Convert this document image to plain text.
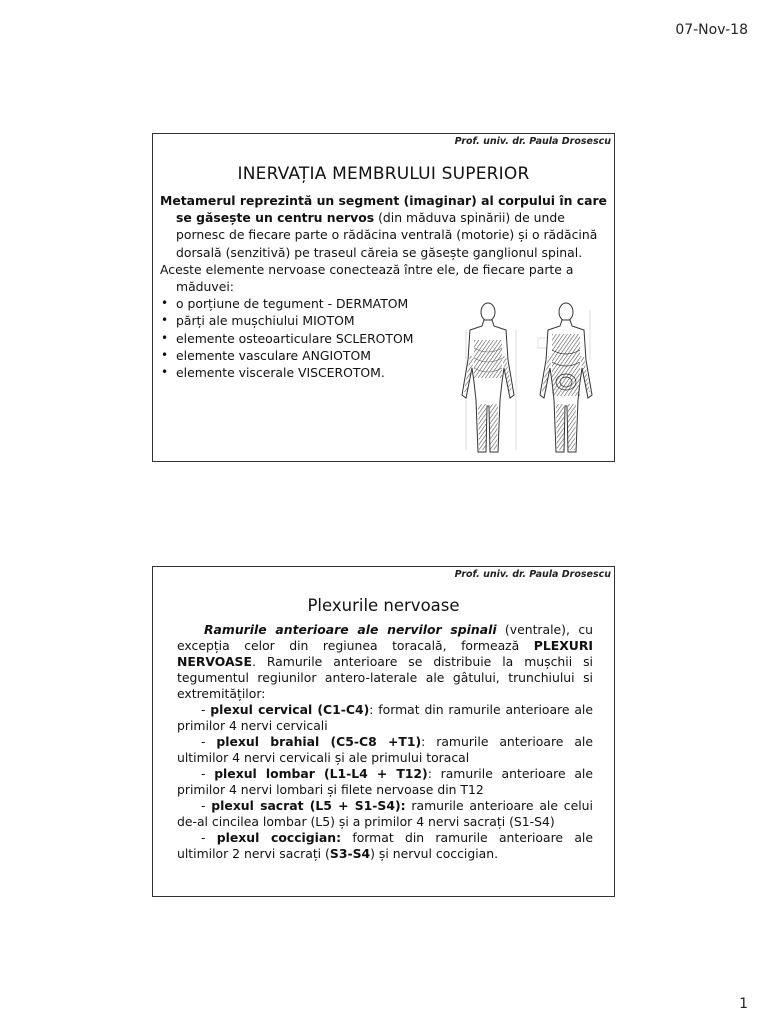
07-Nov-18
Prof. univ. dr. Paula Drosescu
INERVAȚIA MEMBRULUI SUPERIOR

Metamerul reprezintă un segment (imaginar) al corpului în care se găsește un centru nervos (din măduva spinării) de unde pornesc de fiecare parte o rădăcina ventrală (motorie) și o rădăcină dorsală (senzitivă) pe traseul căreia se găsește ganglionul spinal.

Aceste elemente nervoase conectează între ele, de fiecare parte a măduvei:

• o porțiune de tegument - DERMATOM
• părți ale mușchiului MIOTOM
• elemente osteoarticulare SCLEROTOM
• elemente vasculare ANGIOTOM
• elemente viscerale VISCEROTOM.
Prof. univ. dr. Paula Drosescu
Plexurile nervoase

Ramurile anterioare ale nervilor spinali (ventrale), cu excepția celor din regiunea toracală, formează PLEXURI NERVOASE. Ramurile anterioare se distribuie la mușchii si tegumentul regiunilor antero-laterale ale gâtului, trunchiului si extremităților:

- plexul cervical (C1-C4): format din ramurile anterioare ale primilor 4 nervi cervicali

- plexul brahial (C5-C8 +T1): ramurile anterioare ale ultimilor 4 nervi cervicali și ale primului toracal

- plexul lombar (L1-L4 + T12): ramurile anterioare ale primilor 4 nervi lombari și filete nervoase din T12

- plexul sacrat (L5 + S1-S4): ramurile anterioare ale celui de-al cincilea lombar (L5) și a primilor 4 nervi sacrați (S1-S4)

- plexul coccigian: format din ramurile anterioare ale ultimilor 2 nervi sacrați (S3-S4) și nervul coccigian.

1
